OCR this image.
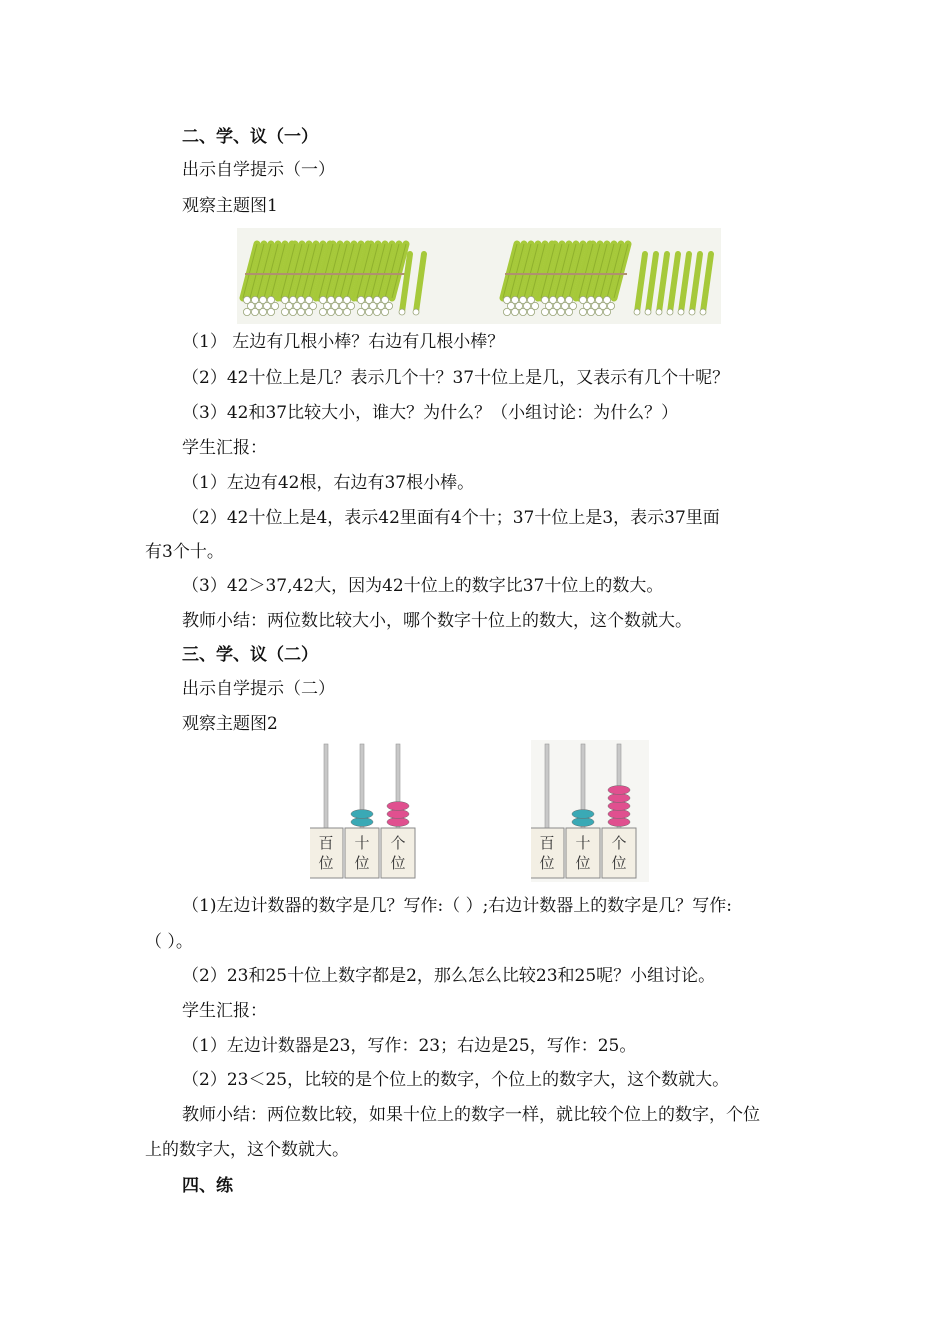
二、学、议（一）
出示自学提示（一）
观察主题图1
（1） 左边有几根小棒？右边有几根小棒？
（2）42十位上是几？表示几个十？37十位上是几，又表示有几个十呢？
（3）42和37比较大小，谁大？为什么？（小组讨论：为什么？）
学生汇报：
（1）左边有42根，右边有37根小棒。
（2）42十位上是4，表示42里面有4个十；37十位上是3，表示37里面
有3个十。
（3）42＞37,42大，因为42十位上的数字比37十位上的数大。
教师小结：两位数比较大小，哪个数字十位上的数大，这个数就大。
三、学、议（二）
出示自学提示（二）
观察主题图2
百
位
十
位
个
位
百
位
十
位
个
位
（1)左边计数器的数字是几？写作:（ ）;右边计数器上的数字是几？写作:
（ ）。
（2）23和25十位上数字都是2，那么怎么比较23和25呢？小组讨论。
学生汇报：
（1）左边计数器是23，写作：23；右边是25，写作：25。
（2）23＜25，比较的是个位上的数字，个位上的数字大，这个数就大。
教师小结：两位数比较，如果十位上的数字一样，就比较个位上的数字，个位
上的数字大，这个数就大。
四、练
